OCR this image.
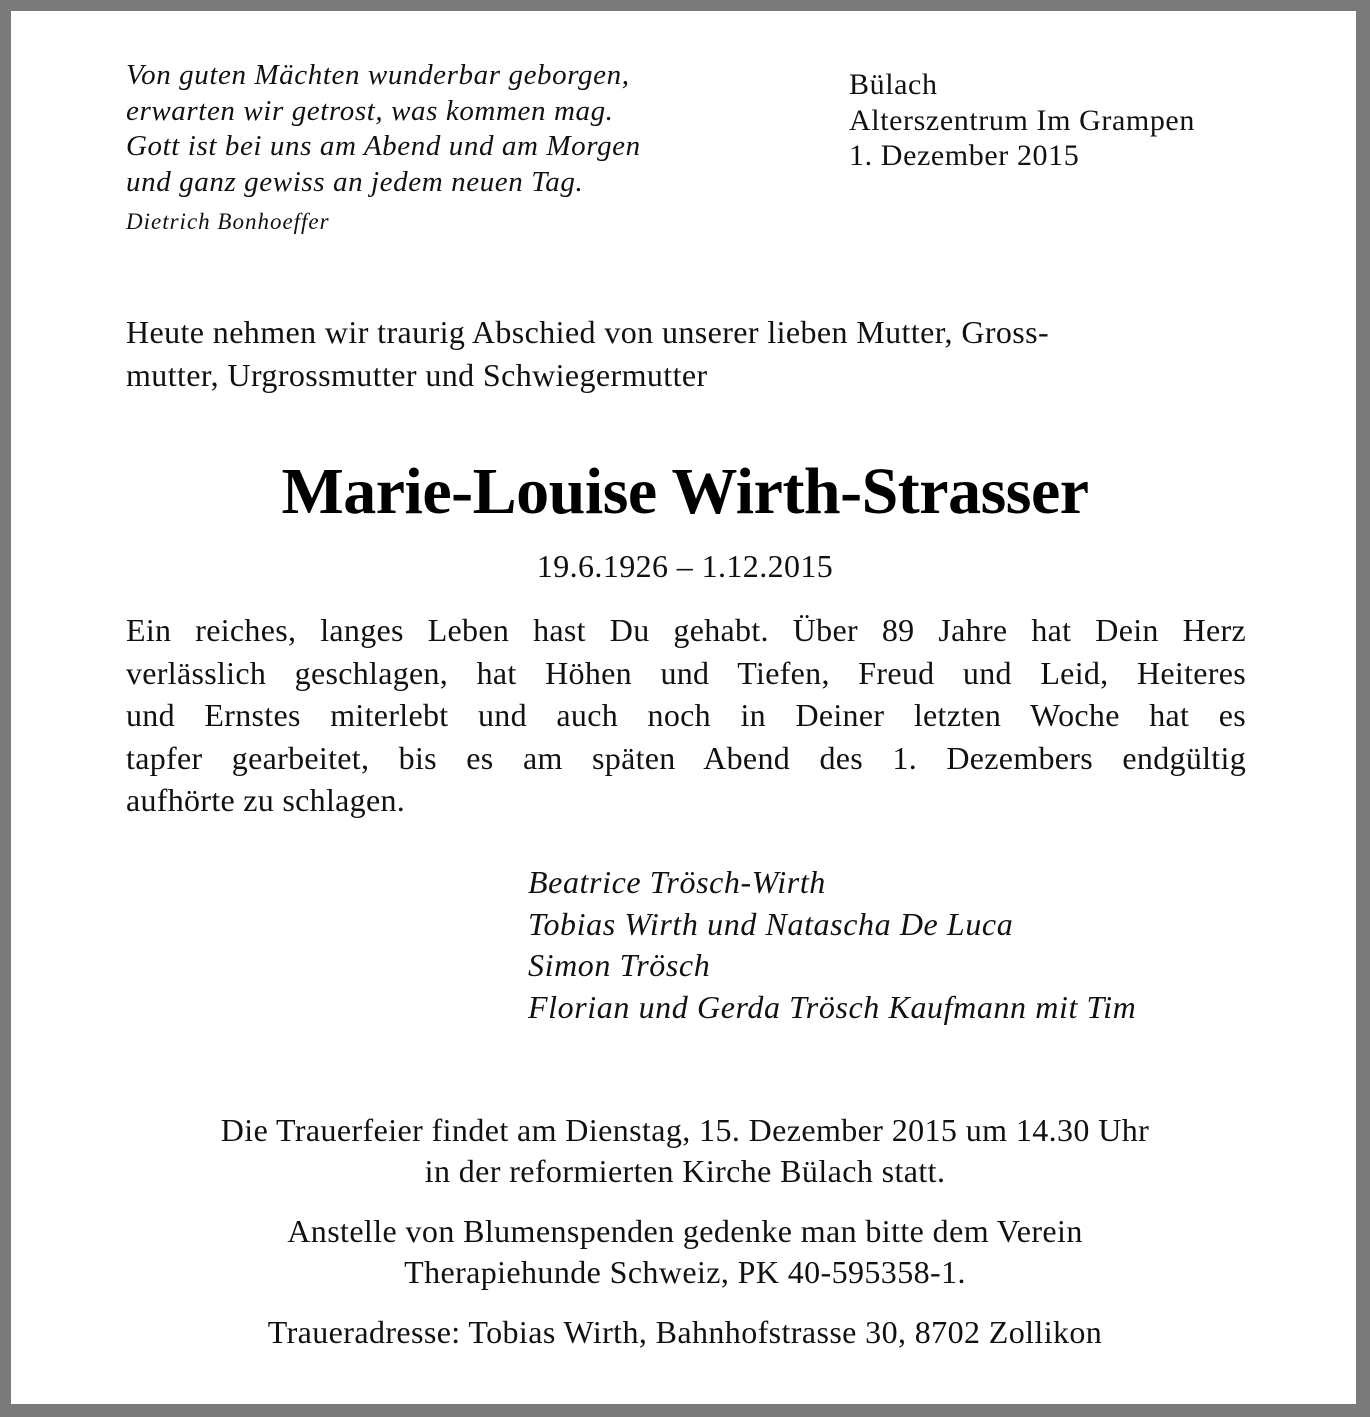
Von guten Mächten wunderbar geborgen,
erwarten wir getrost, was kommen mag.
Gott ist bei uns am Abend und am Morgen
und ganz gewiss an jedem neuen Tag.
Dietrich Bonhoeffer
Bülach
Alterszentrum Im Grampen
1. Dezember 2015
Heute nehmen wir traurig Abschied von unserer lieben Mutter, Gross-
mutter, Urgrossmutter und Schwiegermutter
Marie-Louise Wirth-Strasser
19.6.1926 – 1.12.2015
Ein reiches, langes Leben hast Du gehabt. Über 89 Jahre hat Dein Herz
verlässlich geschlagen, hat Höhen und Tiefen, Freud und Leid, Heiteres
und Ernstes miterlebt und auch noch in Deiner letzten Woche hat es
tapfer gearbeitet, bis es am späten Abend des 1. Dezembers endgültig
aufhörte zu schlagen.
Beatrice Trösch-Wirth
Tobias Wirth und Natascha De Luca
Simon Trösch
Florian und Gerda Trösch Kaufmann mit Tim
Die Trauerfeier findet am Dienstag, 15. Dezember 2015 um 14.30 Uhr
in der reformierten Kirche Bülach statt.
Anstelle von Blumenspenden gedenke man bitte dem Verein
Therapiehunde Schweiz, PK 40-595358-1.
Traueradresse: Tobias Wirth, Bahnhofstrasse 30, 8702 Zollikon
